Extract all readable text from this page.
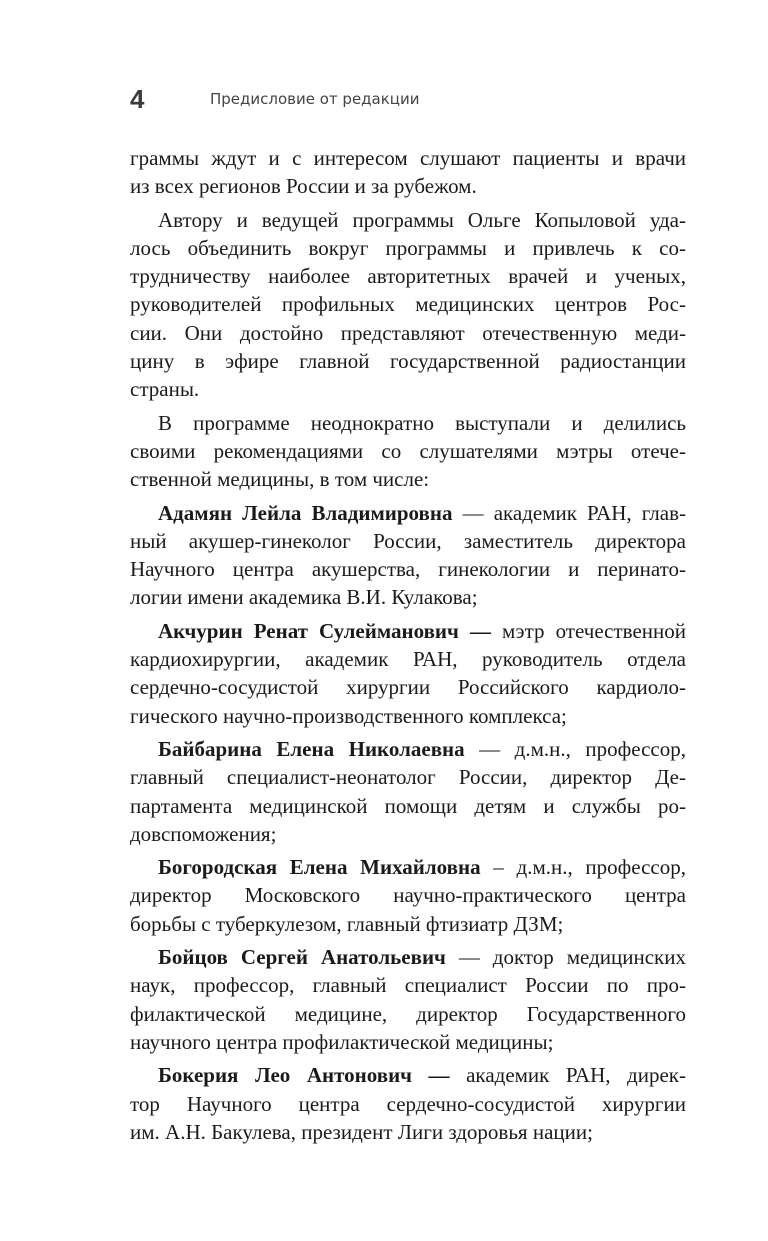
4	Предисловие от редакции

граммы ждут и с интересом слушают пациенты и врачи
из всех регионов России и за рубежом.

Автору и ведущей программы Ольге Копыловой уда-
лось объединить вокруг программы и привлечь к со-
трудничеству наиболее авторитетных врачей и ученых,
руководителей профильных медицинских центров Рос-
сии. Они достойно представляют отечественную меди-
цину в эфире главной государственной радиостанции
страны.

В программе неоднократно выступали и делились
своими рекомендациями со слушателями мэтры отече-
ственной медицины, в том числе:

Адамян Лейла Владимировна — академик РАН, глав-
ный акушер-гинеколог России, заместитель директора
Научного центра акушерства, гинекологии и перинато-
логии имени академика В.И. Кулакова;

Акчурин Ренат Сулейманович — мэтр отечественной
кардиохирургии, академик РАН, руководитель отдела
сердечно-сосудистой хирургии Российского кардиоло-
гического научно-производственного комплекса;

Байбарина Елена Николаевна — д.м.н., профессор,
главный специалист-неонатолог России, директор Де-
партамента медицинской помощи детям и службы ро-
довспоможения;

Богородская Елена Михайловна – д.м.н., профессор,
директор Московского научно-практического центра
борьбы с туберкулезом, главный фтизиатр ДЗМ;

Бойцов Сергей Анатольевич — доктор медицинских
наук, профессор, главный специалист России по про-
филактической медицине, директор Государственного
научного центра профилактической медицины;

Бокерия Лео Антонович — академик РАН, дирек-
тор Научного центра сердечно-сосудистой хирургии
им. А.Н. Бакулева, президент Лиги здоровья нации;
